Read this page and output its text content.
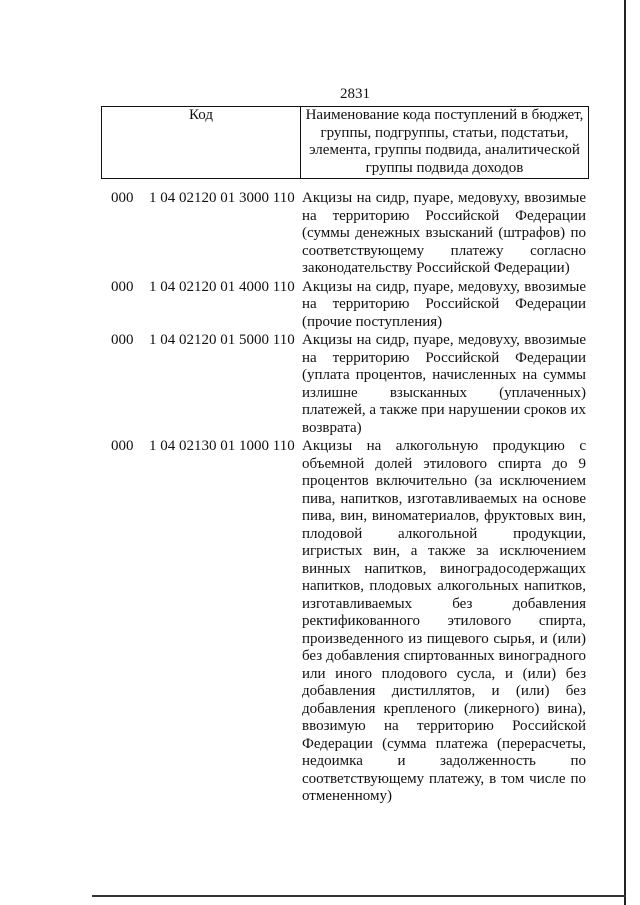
2831
Код	Наименование кода поступлений в бюджет, группы, подгруппы, статьи, подстатьи, элемента, группы подвида, аналитической группы подвида доходов
000	1 04 02120 01 3000 110 Акцизы на сидр, пуаре, медовуху, ввозимые на территорию Российской Федерации (суммы денежных взысканий (штрафов) по соответствующему платежу согласно законодательству Российской Федерации)
000	1 04 02120 01 4000 110 Акцизы на сидр, пуаре, медовуху, ввозимые на территорию Российской Федерации (прочие поступления)
000	1 04 02120 01 5000 110 Акцизы на сидр, пуаре, медовуху, ввозимые на территорию Российской Федерации (уплата процентов, начисленных на суммы излишне взысканных (уплаченных) платежей, а также при нарушении сроков их возврата)
000	1 04 02130 01 1000 110 Акцизы на алкогольную продукцию с объемной долей этилового спирта до 9 процентов включительно (за исключением пива, напитков, изготавливаемых на основе пива, вин, виноматериалов, фруктовых вин, плодовой алкогольной продукции, игристых вин, а также за исключением винных напитков, виноградосодержащих напитков, плодовых алкогольных напитков, изготавливаемых без добавления ректификованного этилового спирта, произведенного из пищевого сырья, и (или) без добавления спиртованных виноградного или иного плодового сусла, и (или) без добавления дистиллятов, и (или) без добавления крепленого (ликерного) вина), ввозимую на территорию Российской Федерации (сумма платежа (перерасчеты, недоимка и задолженность по соответствующему платежу, в том числе по отмененному)
